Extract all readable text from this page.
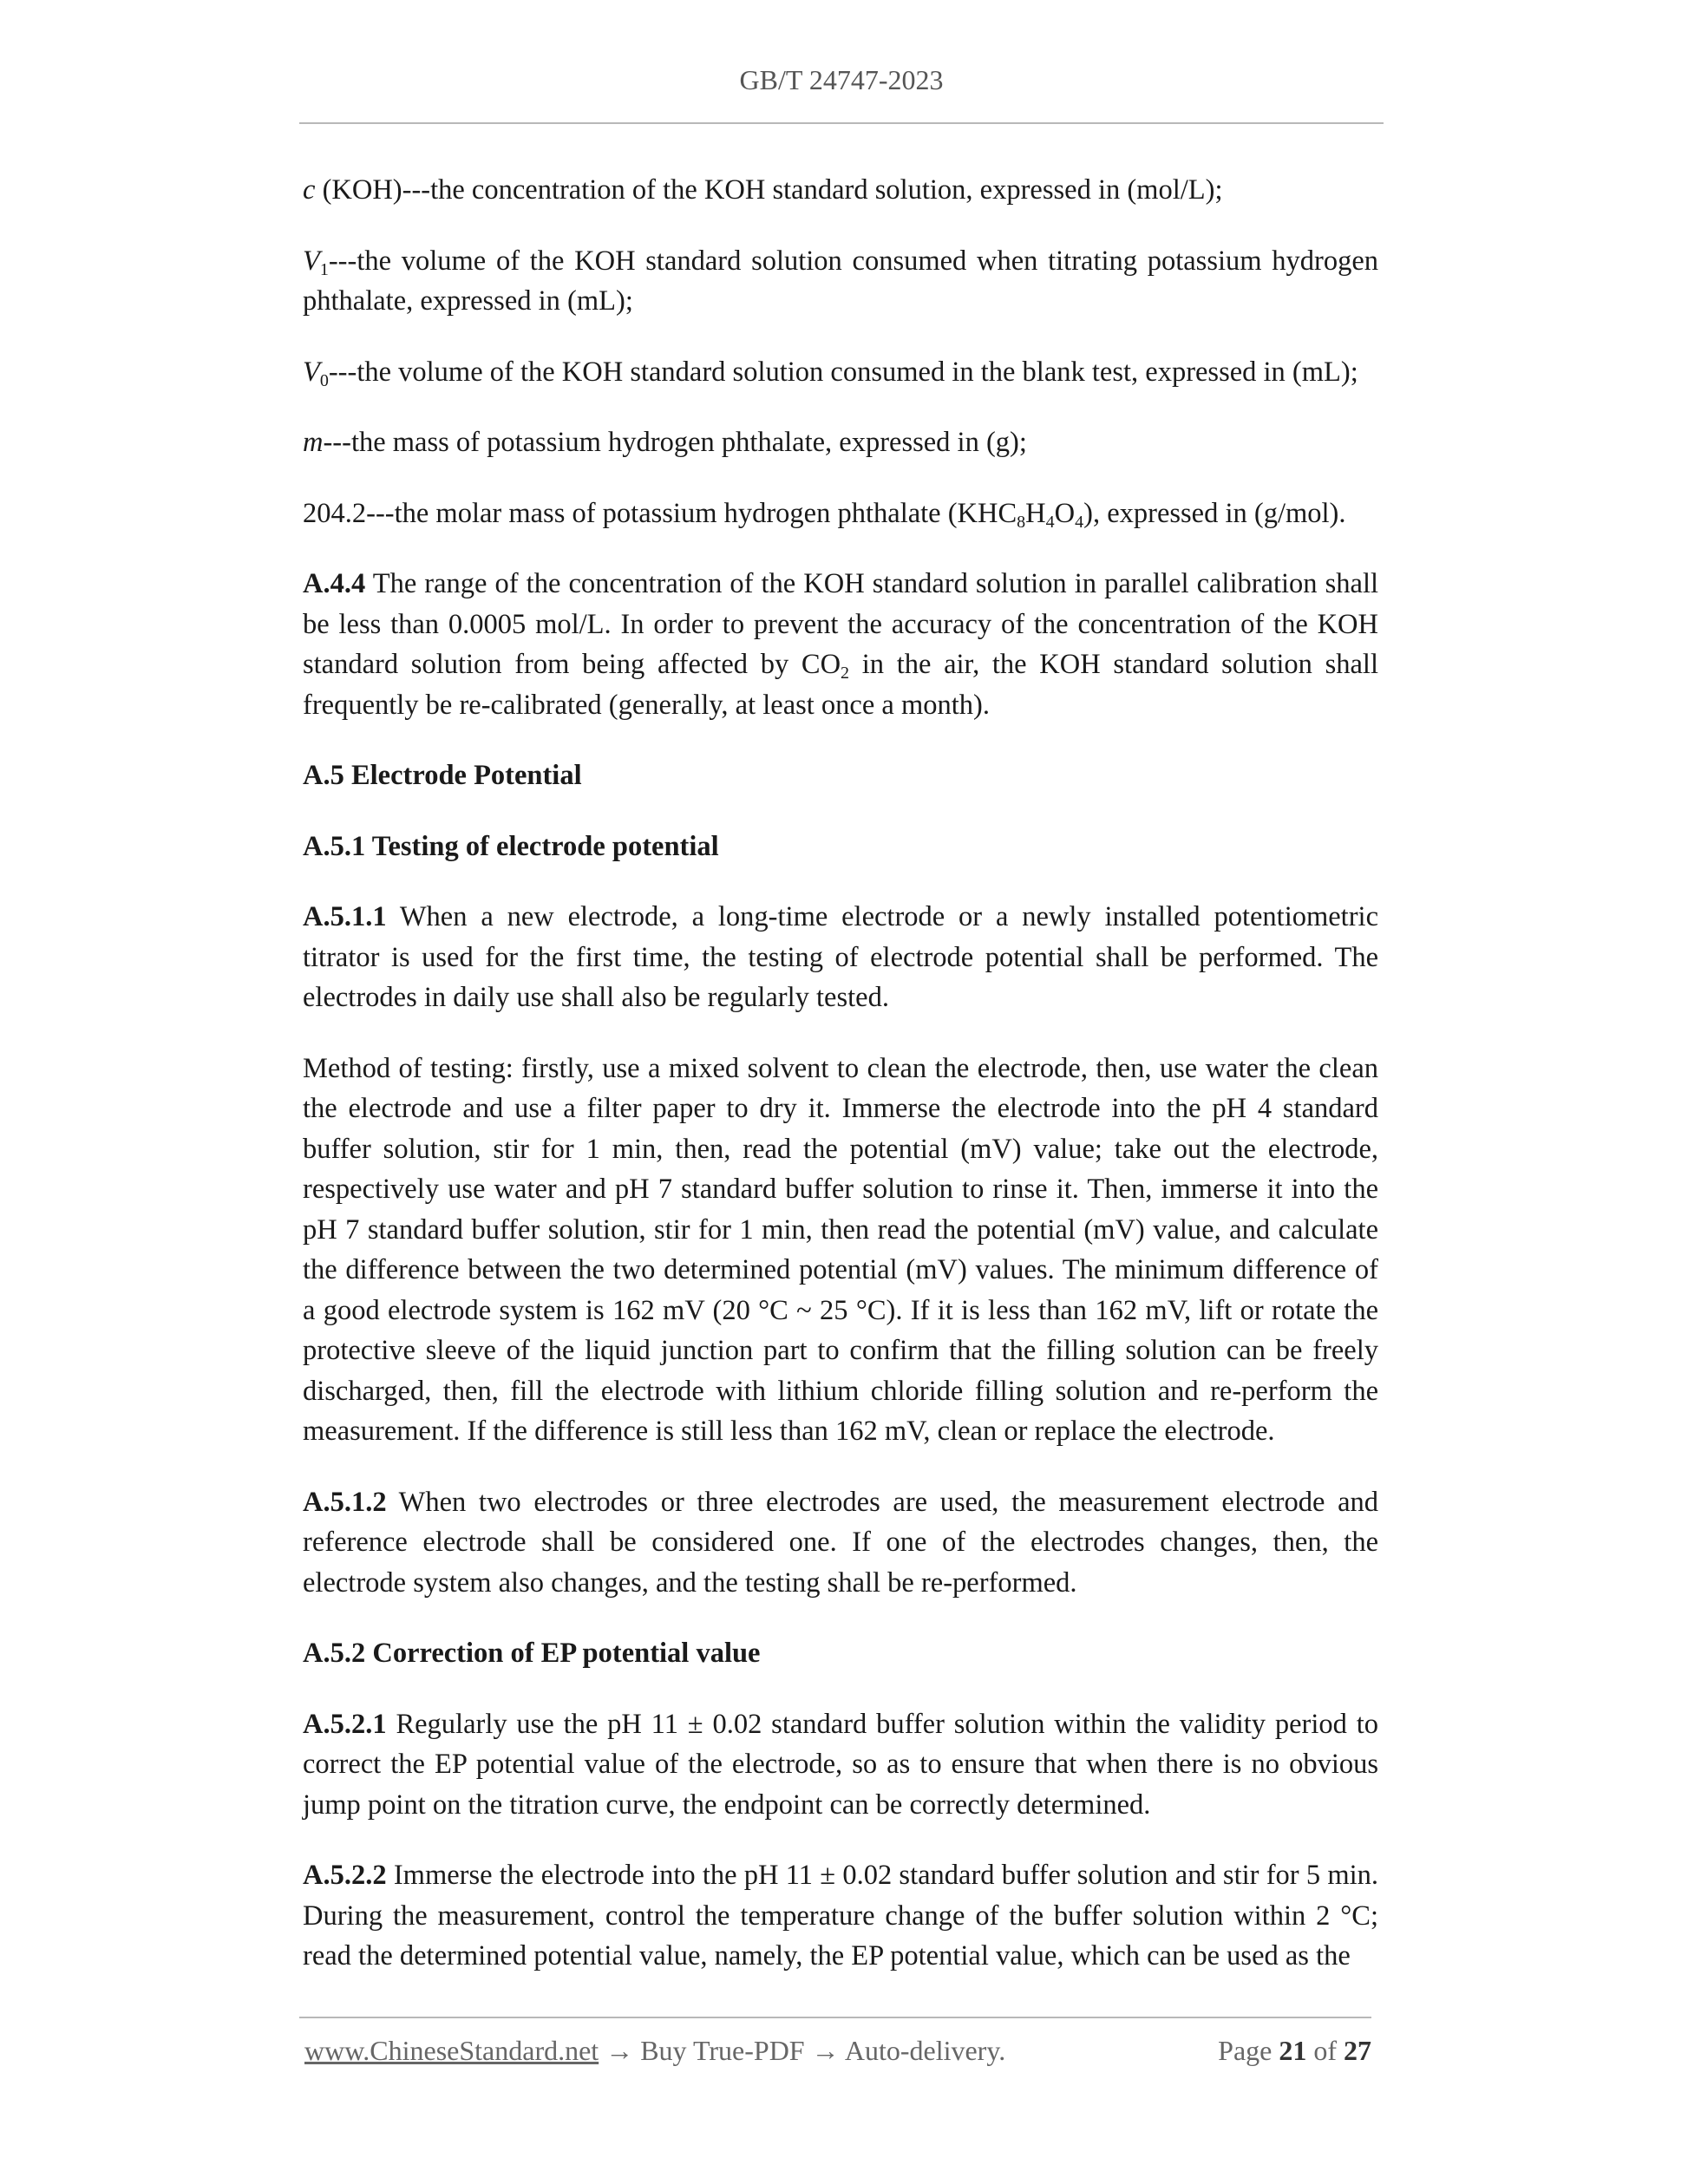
GB/T 24747-2023

c (KOH)---the concentration of the KOH standard solution, expressed in (mol/L);

$V_1--$-the volume of the KOH standard solution consumed when titrating potassium hydrogen phthalate, expressed in (mL);

$V_0--$-the volume of the KOH standard solution consumed in the blank test, expressed in (mL);

m---the mass of potassium hydrogen phthalate, expressed in (g);

204.2---the molar mass of potassium hydrogen phthalate $(KHC_8H_4O_4)$, expressed in (g/mol).

A.4.4 The range of the concentration of the KOH standard solution in parallel calibration shall be less than 0.0005 mol/L. In order to prevent the accuracy of the concentration of the KOH standard solution from being affected by $CO_2$ in the air, the KOH standard solution shall frequently be re-calibrated (generally, at least once a month).

A.5 Electrode Potential

A.5.1 Testing of electrode potential

A.5.1.1 When a new electrode, a long-time electrode or a newly installed potentiometric titrator is used for the first time, the testing of electrode potential shall be performed. The electrodes in daily use shall also be regularly tested.

Method of testing: firstly, use a mixed solvent to clean the electrode, then, use water the clean the electrode and use a filter paper to dry it. Immerse the electrode into the pH 4 standard buffer solution, stir for 1 min, then, read the potential (mV) value; take out the electrode, respectively use water and pH 7 standard buffer solution to rinse it. Then, immerse it into the pH 7 standard buffer solution, stir for 1 min, then read the potential (mV) value, and calculate the difference between the two determined potential (mV) values. The minimum difference of a good electrode system is 162 mV (20 °C ~ 25 °C). If it is less than 162 mV, lift or rotate the protective sleeve of the liquid junction part to confirm that the filling solution can be freely discharged, then, fill the electrode with lithium chloride filling solution and re-perform the measurement. If the difference is still less than 162 mV, clean or replace the electrode.

A.5.1.2 When two electrodes or three electrodes are used, the measurement electrode and reference electrode shall be considered one. If one of the electrodes changes, then, the electrode system also changes, and the testing shall be re-performed.

A.5.2 Correction of EP potential value

A.5.2.1 Regularly use the pH 11 ± 0.02 standard buffer solution within the validity period to correct the EP potential value of the electrode, so as to ensure that when there is no obvious jump point on the titration curve, the endpoint can be correctly determined.

A.5.2.2 Immerse the electrode into the pH 11 ± 0.02 standard buffer solution and stir for 5 min. During the measurement, control the temperature change of the buffer solution within 2 °C; read the determined potential value, namely, the EP potential value, which can be used as the

www.ChineseStandard.net → Buy True-PDF → Auto-delivery.	Page 21 of 27
